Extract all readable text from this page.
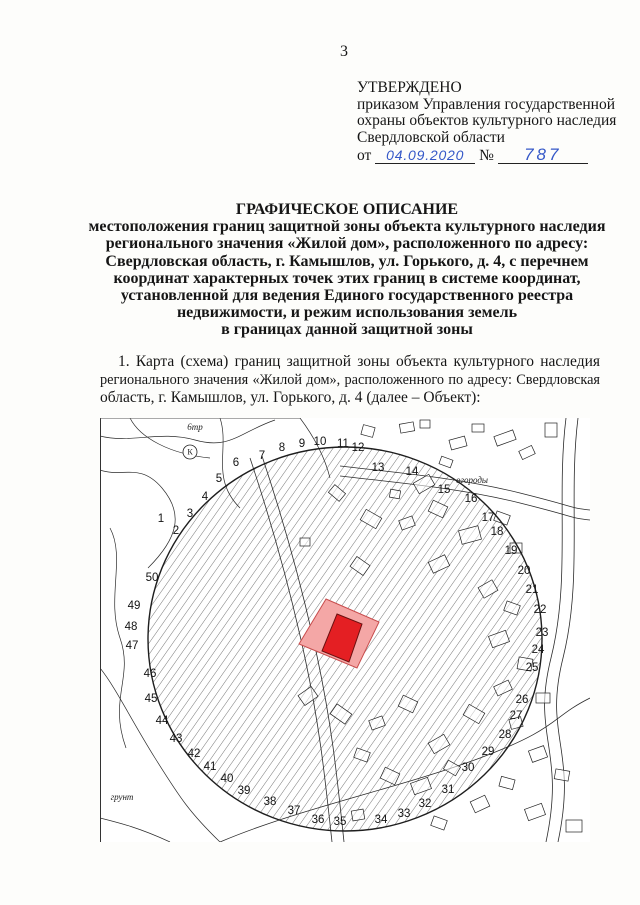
3
УТВЕРЖДЕНО
приказом Управления государственной
охраны объектов культурного наследия
Свердловской области
от 04.09.2020 № 787
ГРАФИЧЕСКОЕ ОПИСАНИЕ
местоположения границ защитной зоны объекта культурного наследия
регионального значения «Жилой дом», расположенного по адресу:
Свердловская область, г. Камышлов, ул. Горького, д. 4, с перечнем
координат характерных точек этих границ в системе координат,
установленной для ведения Единого государственного реестра
недвижимости, и режим использования земель
в границах данной защитной зоны
1. Карта (схема) границ защитной зоны объекта культурного наследия
регионального значения «Жилой дом», расположенного по адресу: Свердловская
область, г. Камышлов, ул. Горького, д. 4 (далее – Объект):
К
6тр
огороды
грунт
1
2
3
4
5
6
7
8 9 10 11 12
13 14
15
16
17
18
19
20
21
22
23
24
25
26
27
28
29
30
31
32
33
34
35
36
37
38
39
40
41
42
43
44
45
46
47
48
49
50
